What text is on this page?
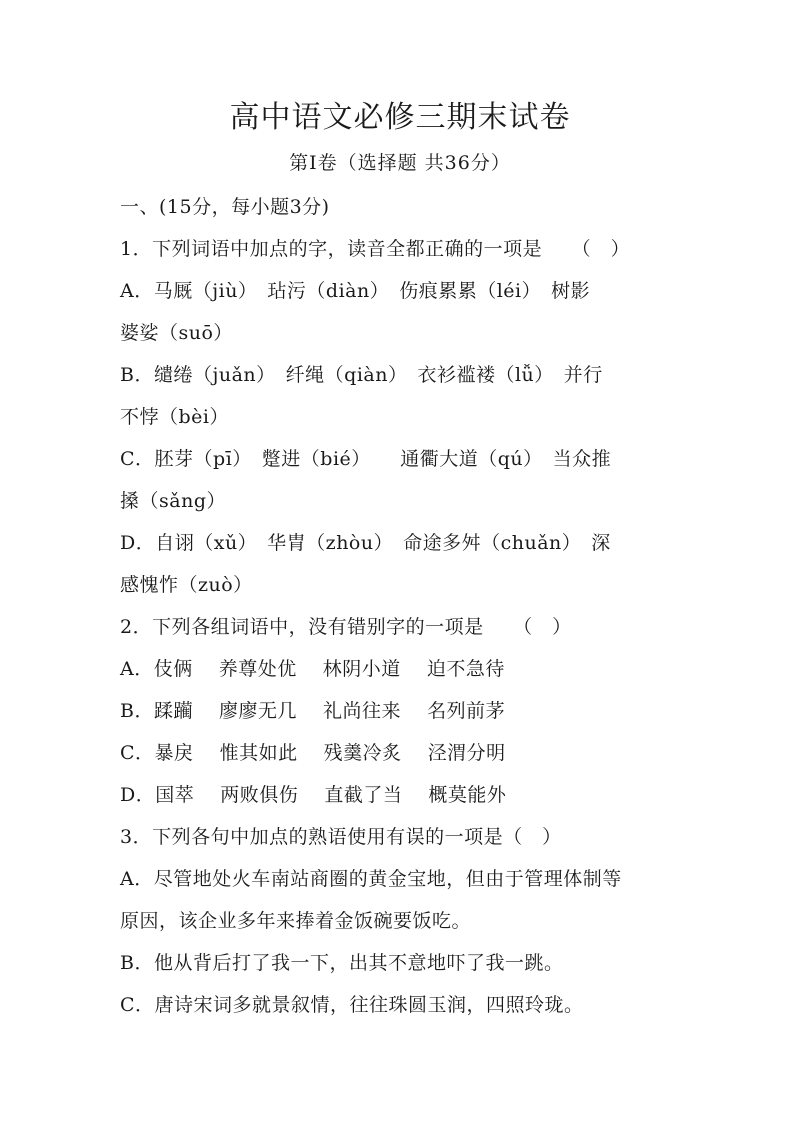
高中语文必修三期末试卷
第Ⅰ卷（选择题 共36分）
一、(15分，每小题3分)
1．下列词语中加点的字，读音全都正确的一项是　　（　）
A．马厩（jiù）　玷污（diàn）　伤痕累累（léi）　树影
婆娑（suō）
B．缱绻（juǎn）　纤绳（qiàn）　衣衫褴褛（lǚ）　并行
不悖（bèi）
C．胚芽（pī）　蹩进（bié）　　通衢大道（qú）　当众推
搡（sǎng）
D．自诩（xǔ）　华胄（zhòu）　命途多舛（chuǎn）　深
感愧怍（zuò）
2．下列各组词语中，没有错别字的一项是　　（　）
A．伎俩　 养尊处优　 林阴小道　 迫不急待
B．蹂躏　 廖廖无几　 礼尚往来　 名列前茅
C．暴戾　 惟其如此　 残羹冷炙　 泾渭分明
D．国萃　 两败俱伤　 直截了当　 概莫能外
3．下列各句中加点的熟语使用有误的一项是（　）
A．尽管地处火车南站商圈的黄金宝地，但由于管理体制等
原因，该企业多年来捧着金饭碗要饭吃。
B．他从背后打了我一下，出其不意地吓了我一跳。
C．唐诗宋词多就景叙情，往往珠圆玉润，四照玲珑。
